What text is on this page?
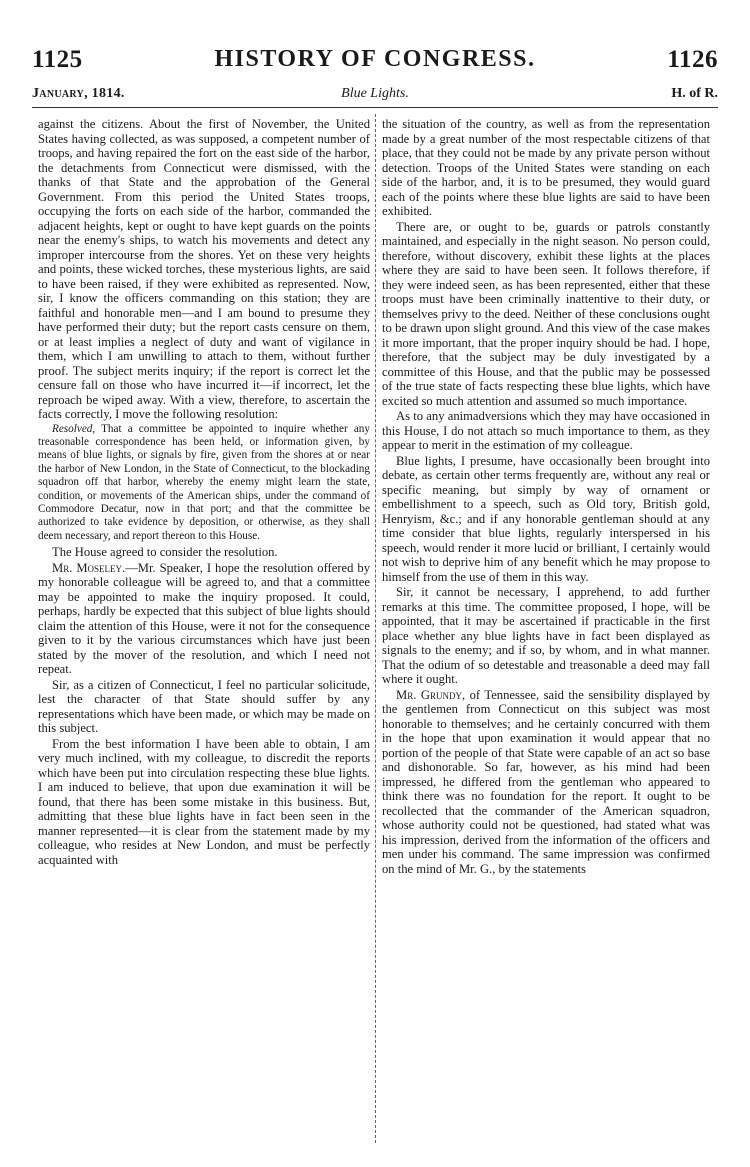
1125	HISTORY OF CONGRESS.	1126
January, 1814.	Blue Lights.	H. of R.

against the citizens. About the first of November, the United States having collected, as was supposed, a competent number of troops, and having repaired the fort on the east side of the harbor, the detachments from Connecticut were dismissed, with the thanks of that State and the approbation of the General Government. From this period the United States troops, occupying the forts on each side of the harbor, commanded the adjacent heights, kept or ought to have kept guards on the points near the enemy's ships, to watch his movements and detect any improper intercourse from the shores. Yet on these very heights and points, these wicked torches, these mysterious lights, are said to have been raised, if they were exhibited as represented. Now, sir, I know the officers commanding on this station; they are faithful and honorable men—and I am bound to presume they have performed their duty; but the report casts censure on them, or at least implies a neglect of duty and want of vigilance in them, which I am unwilling to attach to them, without further proof. The subject merits inquiry; if the report is correct let the censure fall on those who have incurred it—if incorrect, let the reproach be wiped away. With a view, therefore, to ascertain the facts correctly, I move the following resolution:

Resolved, That a committee be appointed to inquire whether any treasonable correspondence has been held, or information given, by means of blue lights, or signals by fire, given from the shores at or near the harbor of New London, in the State of Connecticut, to the blockading squadron off that harbor, whereby the enemy might learn the state, condition, or movements of the American ships, under the command of Commodore Decatur, now in that port; and that the committee be authorized to take evidence by deposition, or otherwise, as they shall deem necessary, and report thereon to this House.

The House agreed to consider the resolution.

Mr. Moseley.—Mr. Speaker, I hope the resolution offered by my honorable colleague will be agreed to, and that a committee may be appointed to make the inquiry proposed. It could, perhaps, hardly be expected that this subject of blue lights should claim the attention of this House, were it not for the consequence given to it by the various circumstances which have just been stated by the mover of the resolution, and which I need not repeat.

Sir, as a citizen of Connecticut, I feel no particular solicitude, lest the character of that State should suffer by any representations which have been made, or which may be made on this subject.

From the best information I have been able to obtain, I am very much inclined, with my colleague, to discredit the reports which have been put into circulation respecting these blue lights. I am induced to believe, that upon due examination it will be found, that there has been some mistake in this business. But, admitting that these blue lights have in fact been seen in the manner represented—it is clear from the statement made by my colleague, who resides at New London, and must be perfectly acquainted with

the situation of the country, as well as from the representation made by a great number of the most respectable citizens of that place, that they could not be made by any private person without detection. Troops of the United States were standing on each side of the harbor, and, it is to be presumed, they would guard each of the points where these blue lights are said to have been exhibited.

There are, or ought to be, guards or patrols constantly maintained, and especially in the night season. No person could, therefore, without discovery, exhibit these lights at the places where they are said to have been seen. It follows therefore, if they were indeed seen, as has been represented, either that these troops must have been criminally inattentive to their duty, or themselves privy to the deed. Neither of these conclusions ought to be drawn upon slight ground. And this view of the case makes it more important, that the proper inquiry should be had. I hope, therefore, that the subject may be duly investigated by a committee of this House, and that the public may be possessed of the true state of facts respecting these blue lights, which have excited so much attention and assumed so much importance.

As to any animadversions which they may have occasioned in this House, I do not attach so much importance to them, as they appear to merit in the estimation of my colleague.

Blue lights, I presume, have occasionally been brought into debate, as certain other terms frequently are, without any real or specific meaning, but simply by way of ornament or embellishment to a speech, such as Old tory, British gold, Henryism, &c.; and if any honorable gentleman should at any time consider that blue lights, regularly interspersed in his speech, would render it more lucid or brilliant, I certainly would not wish to deprive him of any benefit which he may propose to himself from the use of them in this way.

Sir, it cannot be necessary, I apprehend, to add further remarks at this time. The committee proposed, I hope, will be appointed, that it may be ascertained if practicable in the first place whether any blue lights have in fact been displayed as signals to the enemy; and if so, by whom, and in what manner. That the odium of so detestable and treasonable a deed may fall where it ought.

Mr. Grundy, of Tennessee, said the sensibility displayed by the gentlemen from Connecticut on this subject was most honorable to themselves; and he certainly concurred with them in the hope that upon examination it would appear that no portion of the people of that State were capable of an act so base and dishonorable. So far, however, as his mind had been impressed, he differed from the gentleman who appeared to think there was no foundation for the report. It ought to be recollected that the commander of the American squadron, whose authority could not be questioned, had stated what was his impression, derived from the information of the officers and men under his command. The same impression was confirmed on the mind of Mr. G., by the statements
